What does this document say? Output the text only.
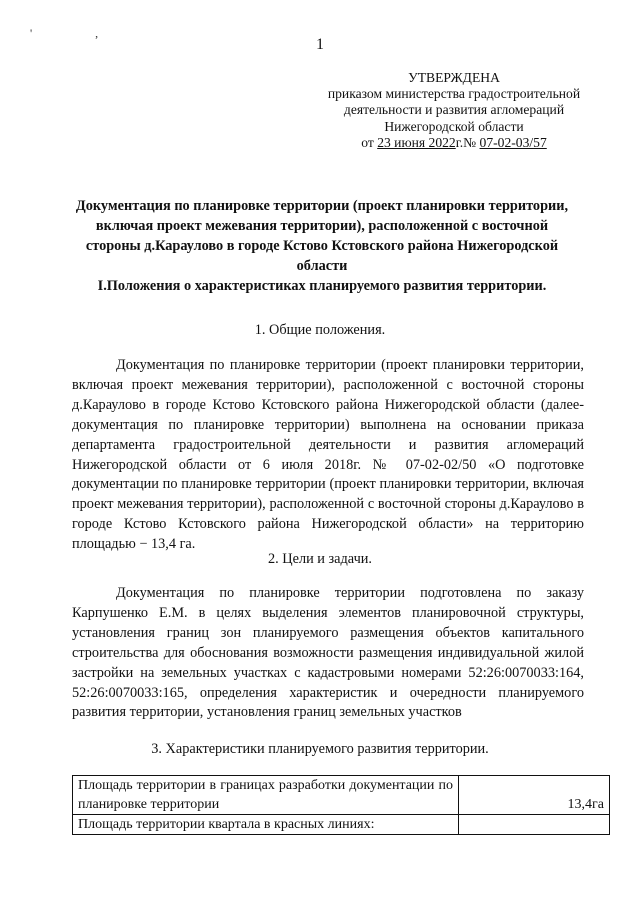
' ,
1
УТВЕРЖДЕНА
приказом министерства градостроительной
деятельности и развития агломераций
Нижегородской области
от 23 июня 2022г.№ 07-02-03/57
Документация по планировке территории (проект планировки территории, включая проект межевания территории), расположенной с восточной стороны д.Караулово в городе Кстово Кстовского района Нижегородской области
I.Положения о характеристиках планируемого развития территории.
1. Общие положения.
Документация по планировке территории (проект планировки территории, включая проект межевания территории), расположенной с восточной стороны д.Караулово в городе Кстово Кстовского района Нижегородской области (далее-документация по планировке территории) выполнена на основании приказа департамента градостроительной деятельности и развития агломераций Нижегородской области от 6 июля 2018г. № 07-02-02/50 «О подготовке документации по планировке территории (проект планировки территории, включая проект межевания территории), расположенной с восточной стороны д.Караулово в городе Кстово Кстовского района Нижегородской области» на территорию площадью − 13,4 га.
2. Цели и задачи.
Документация по планировке территории подготовлена по заказу Карпушенко Е.М. в целях выделения элементов планировочной структуры, установления границ зон планируемого размещения объектов капитального строительства для обоснования возможности размещения индивидуальной жилой застройки на земельных участках с кадастровыми номерами 52:26:0070033:164, 52:26:0070033:165, определения характеристик и очередности планируемого развития территории, установления границ земельных участков
3. Характеристики планируемого развития территории.
Площадь территории в границах разработки документации по планировке территории	13,4га
Площадь территории квартала в красных линиях:	
